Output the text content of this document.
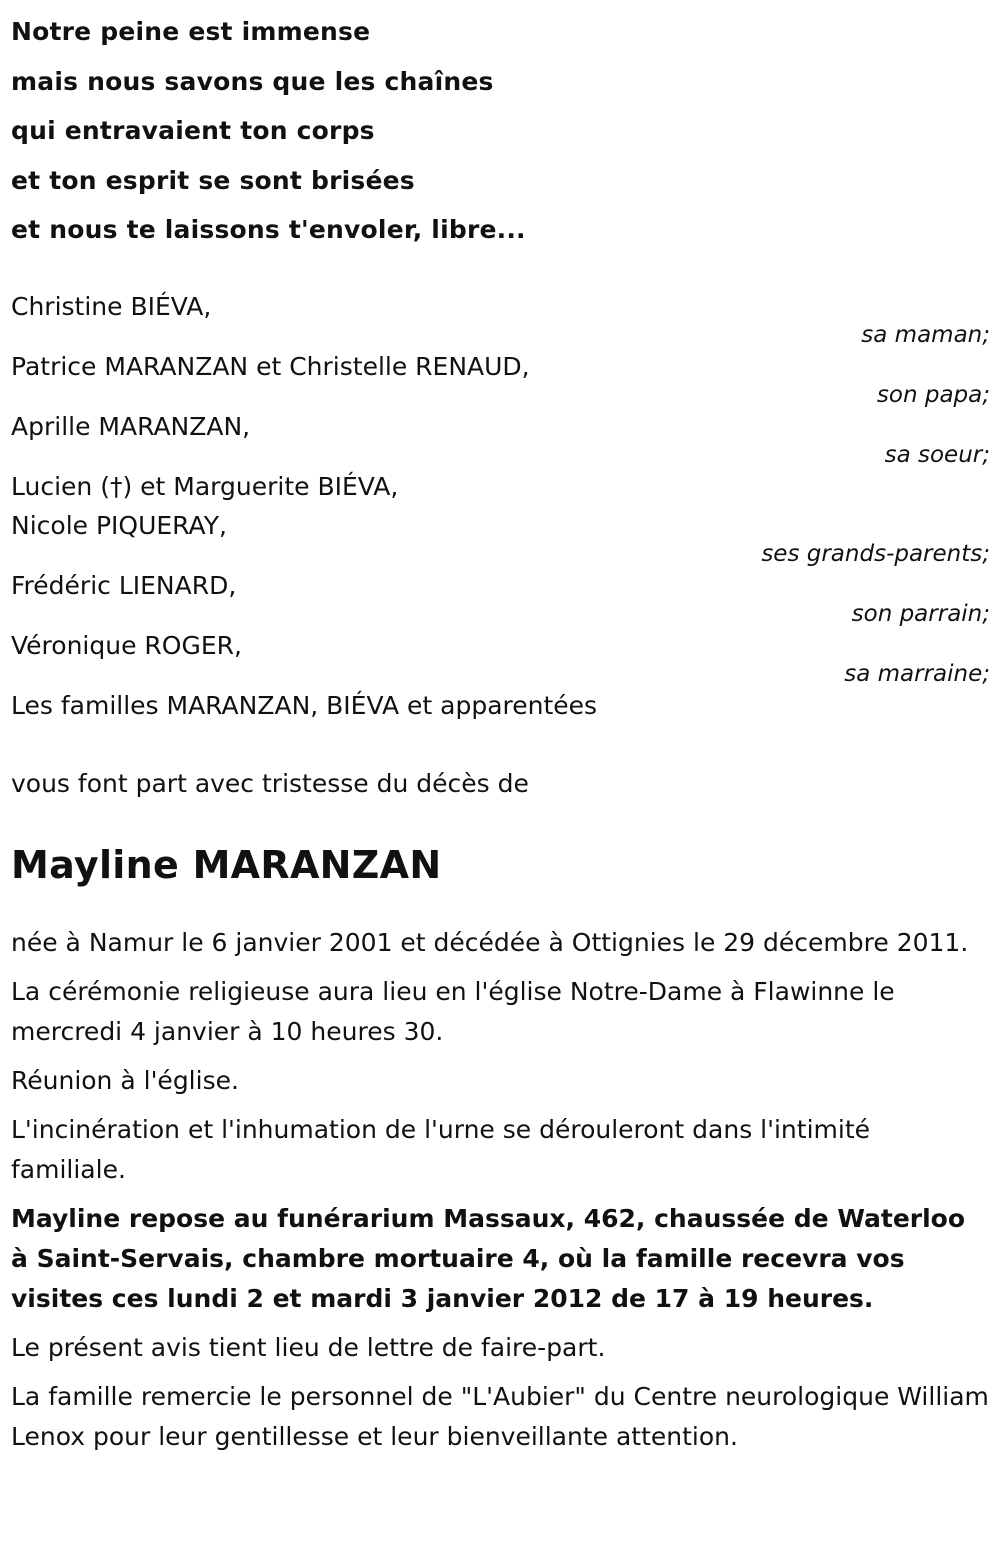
Notre peine est immense
mais nous savons que les chaînes
qui entravaient ton corps
et ton esprit se sont brisées
et nous te laissons t'envoler, libre...
Christine BIÉVA,
sa maman;
Patrice MARANZAN et Christelle RENAUD,
son papa;
Aprille MARANZAN,
sa soeur;
Lucien (†) et Marguerite BIÉVA,
Nicole PIQUERAY,
ses grands-parents;
Frédéric LIENARD,
son parrain;
Véronique ROGER,
sa marraine;
Les familles MARANZAN, BIÉVA et apparentées
vous font part avec tristesse du décès de
Mayline MARANZAN

née à Namur le 6 janvier 2001 et décédée à Ottignies le 29 décembre 2011.

La cérémonie religieuse aura lieu en l'église Notre-Dame à Flawinne le mercredi 4 janvier à 10 heures 30.

Réunion à l'église.

L'incinération et l'inhumation de l'urne se dérouleront dans l'intimité familiale.

Mayline repose au funérarium Massaux, 462, chaussée de Waterloo à Saint-Servais, chambre mortuaire 4, où la famille recevra vos visites ces lundi 2 et mardi 3 janvier 2012 de 17 à 19 heures.

Le présent avis tient lieu de lettre de faire-part.

La famille remercie le personnel de "L'Aubier" du Centre neurologique William Lenox pour leur gentillesse et leur bienveillante attention.
